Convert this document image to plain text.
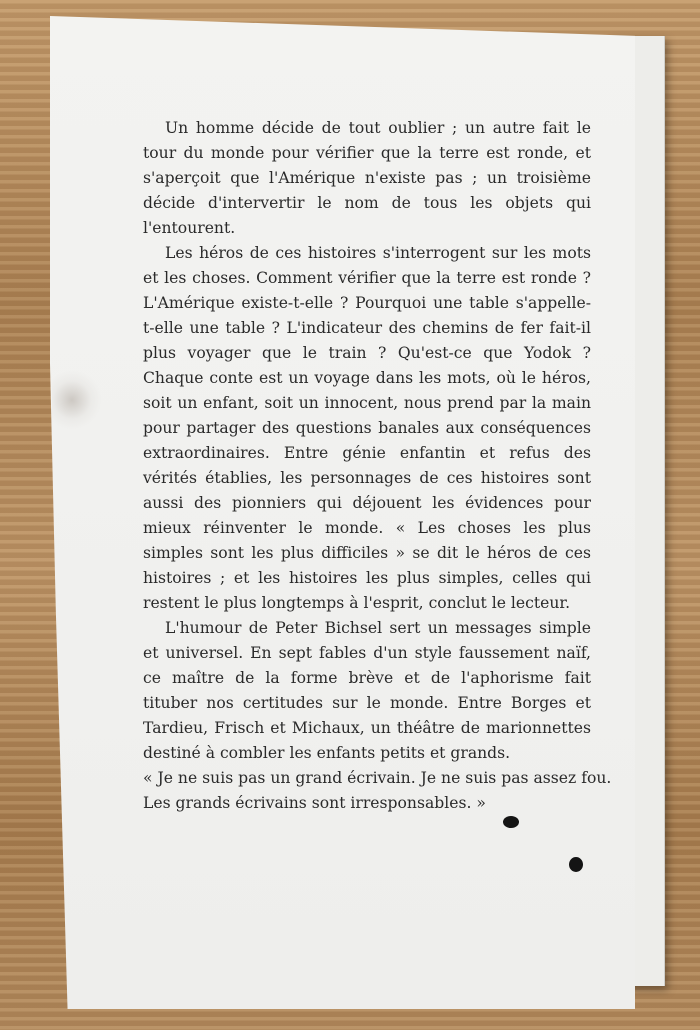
Un homme décide de tout oublier ; un autre fait le tour du monde pour vérifier que la terre est ronde, et s'aperçoit que l'Amérique n'existe pas ; un troisième décide d'intervertir le nom de tous les objets qui l'entourent.

Les héros de ces histoires s'interrogent sur les mots et les choses. Comment vérifier que la terre est ronde ? L'Amérique existe-t-elle ? Pourquoi une table s'appelle-t-elle une table ? L'indicateur des chemins de fer fait-il plus voyager que le train ? Qu'est-ce que Yodok ? Chaque conte est un voyage dans les mots, où le héros, soit un enfant, soit un innocent, nous prend par la main pour partager des questions banales aux conséquences extraordinaires. Entre génie enfantin et refus des vérités établies, les personnages de ces histoires sont aussi des pionniers qui déjouent les évidences pour mieux réinventer le monde. « Les choses les plus simples sont les plus difficiles » se dit le héros de ces histoires ; et les histoires les plus simples, celles qui restent le plus longtemps à l'esprit, conclut le lecteur.

L'humour de Peter Bichsel sert un messages simple et universel. En sept fables d'un style faussement naïf, ce maître de la forme brève et de l'aphorisme fait tituber nos certitudes sur le monde. Entre Borges et Tardieu, Frisch et Michaux, un théâtre de marionnettes destiné à combler les enfants petits et grands.

« Je ne suis pas un grand écrivain. Je ne suis pas assez fou.
Les grands écrivains sont irresponsables. »
